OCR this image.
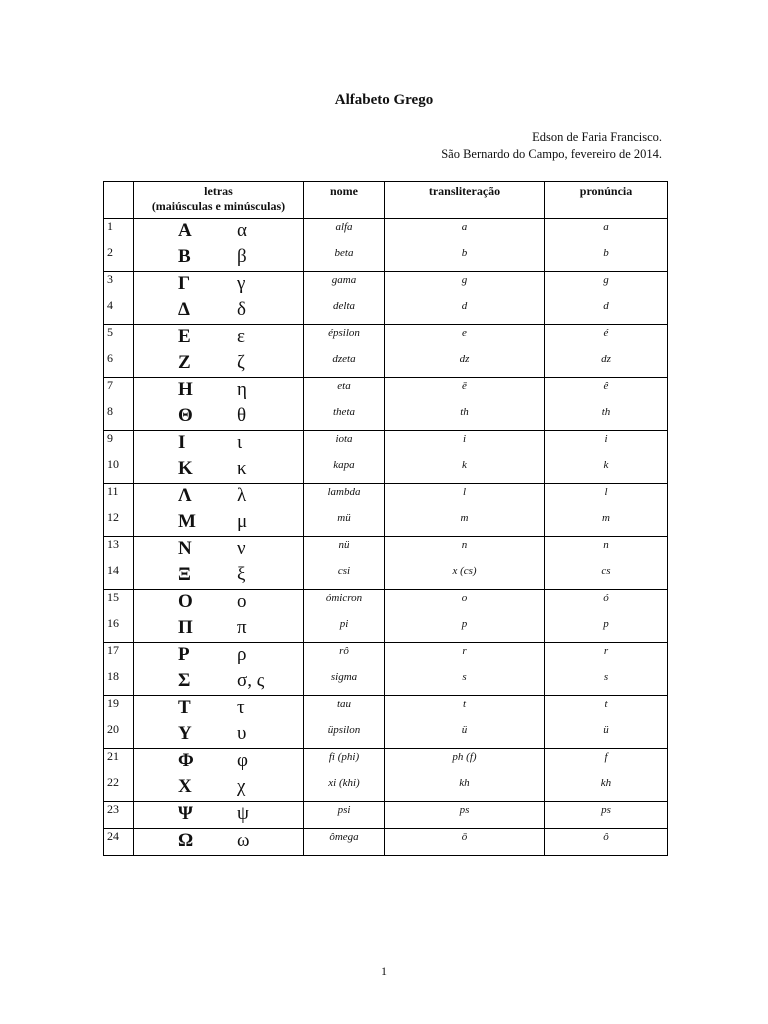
Alfabeto Grego
Edson de Faria Francisco.
São Bernardo do Campo, fevereiro de 2014.

	letras
(maiúsculas e minúsculas)	nome	transliteração	pronúncia
1	Α α	alfa	a	a
2	Β β	beta	b	b
3	Γ γ	gama	g	g
4	Δ δ	delta	d	d
5	Ε ε	épsilon	e	é
6	Ζ ζ	dzeta	dz	dz
7	Η η	eta	ē	ê
8	Θ θ	theta	th	th
9	Ι ι	iota	i	i
10	Κ κ	kapa	k	k
11	Λ λ	lambda	l	l
12	Μ μ	mü	m	m
13	Ν ν	nü	n	n
14	Ξ ξ	csi	x (cs)	cs
15	Ο ο	ómicron	o	ó
16	Π π	pi	p	p
17	Ρ ρ	rô	r	r
18	Σ σ, ς	sigma	s	s
19	Τ τ	tau	t	t
20	Υ υ	üpsilon	ü	ü
21	Φ φ	fi (phi)	ph (f)	f
22	Χ χ	xi (khi)	kh	kh
23	Ψ ψ	psi	ps	ps
24	Ω ω	ômega	ō	ô
1
